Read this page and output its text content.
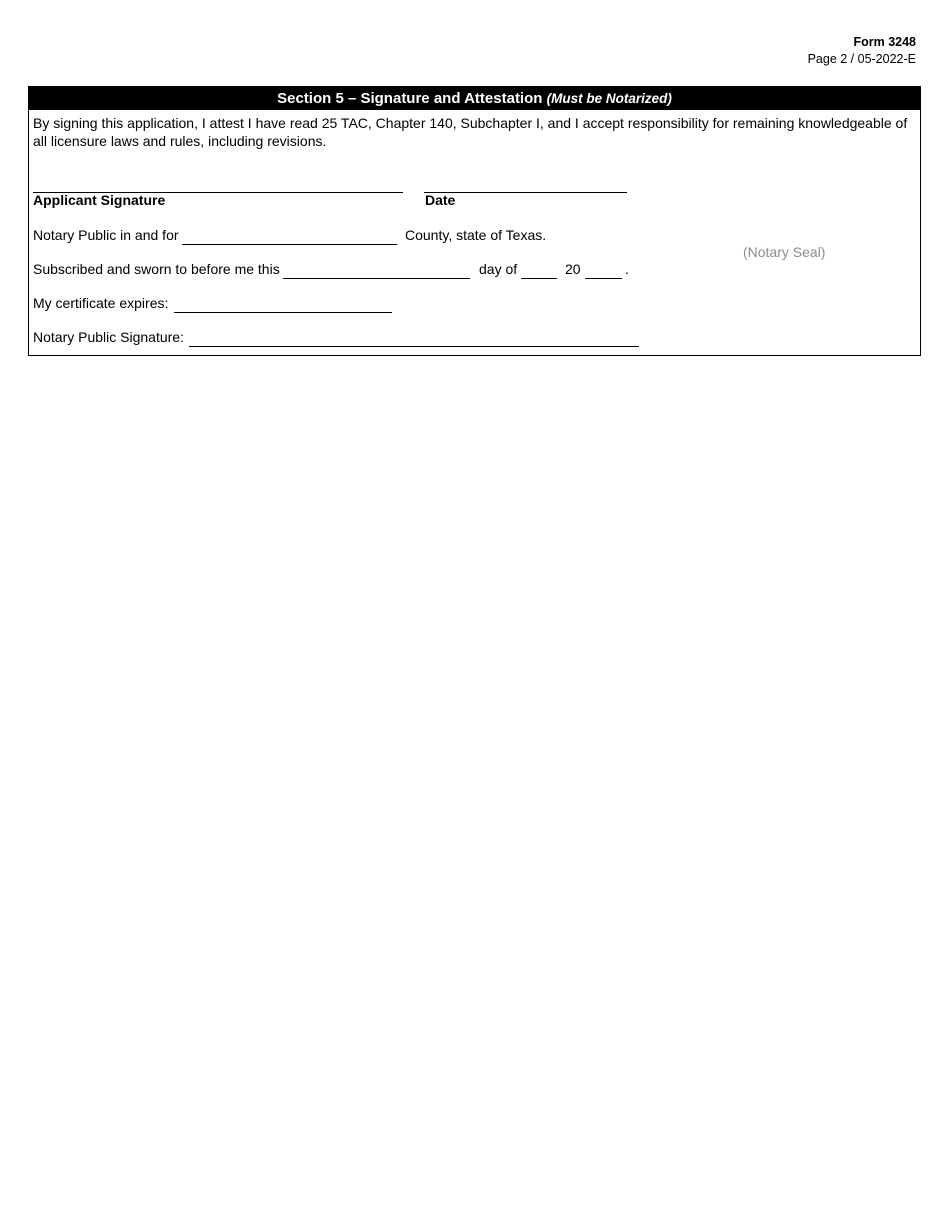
Form 3248
Page 2 / 05-2022-E
Section 5 – Signature and Attestation (Must be Notarized)
By signing this application, I attest I have read 25 TAC, Chapter 140, Subchapter I, and I accept responsibility for remaining knowledgeable of all licensure laws and rules, including revisions.
Applicant Signature	Date
Notary Public in and for	County, state of Texas.
Subscribed and sworn to before me this	day of	20	.
My certificate expires:
Notary Public Signature:
(Notary Seal)
